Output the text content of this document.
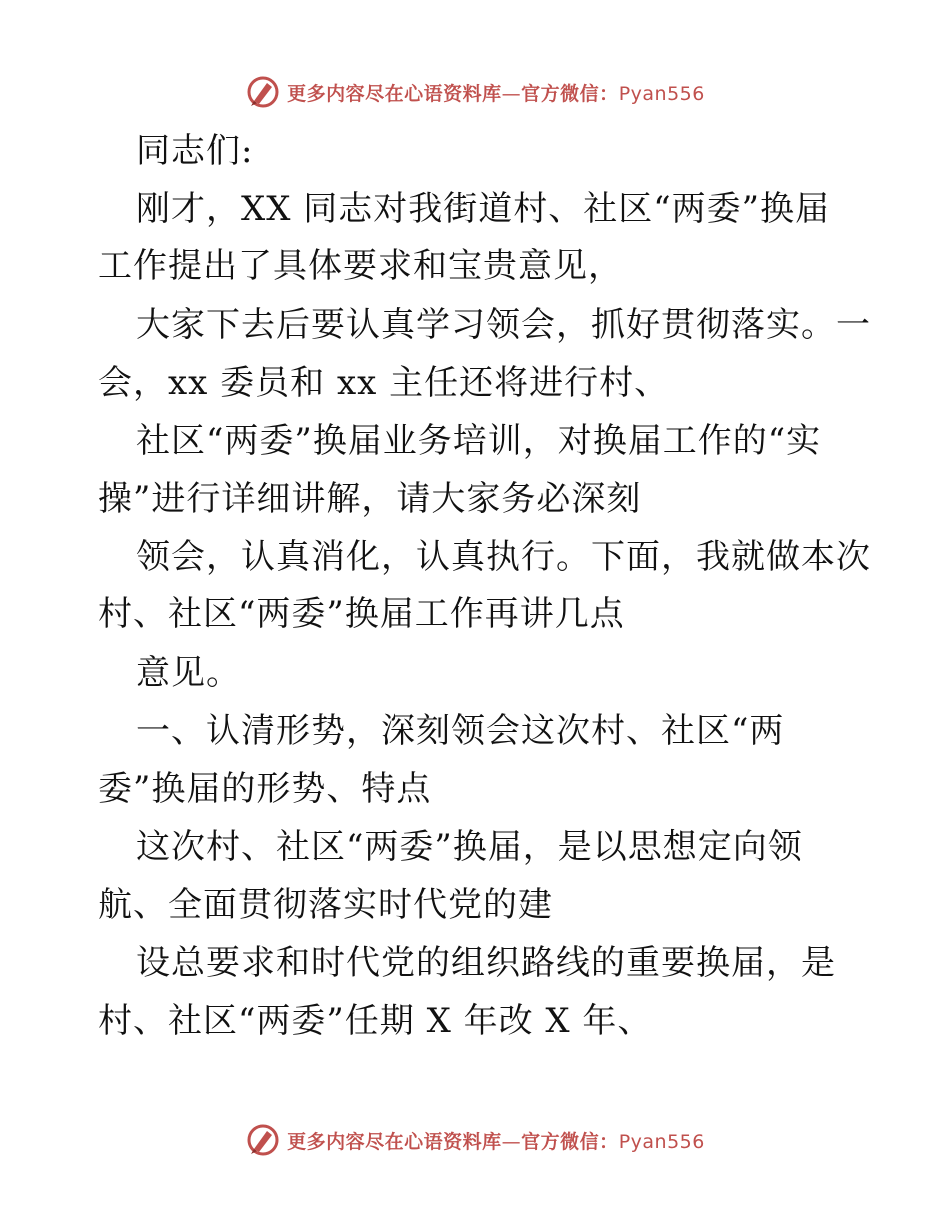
更多内容尽在心语资料库—官方微信：Pyan556
同志们:
刚才，XX 同志对我街道村、社区“两委”换届
工作提出了具体要求和宝贵意见，
大家下去后要认真学习领会，抓好贯彻落实。一
会，xx 委员和 xx 主任还将进行村、
社区“两委”换届业务培训，对换届工作的“实
操”进行详细讲解，请大家务必深刻
领会，认真消化，认真执行。下面，我就做本次
村、社区“两委”换届工作再讲几点
意见。
一、认清形势，深刻领会这次村、社区“两
委”换届的形势、特点
这次村、社区“两委”换届，是以思想定向领
航、全面贯彻落实时代党的建
设总要求和时代党的组织路线的重要换届，是
村、社区“两委”任期 X 年改 X 年、
更多内容尽在心语资料库—官方微信：Pyan556
